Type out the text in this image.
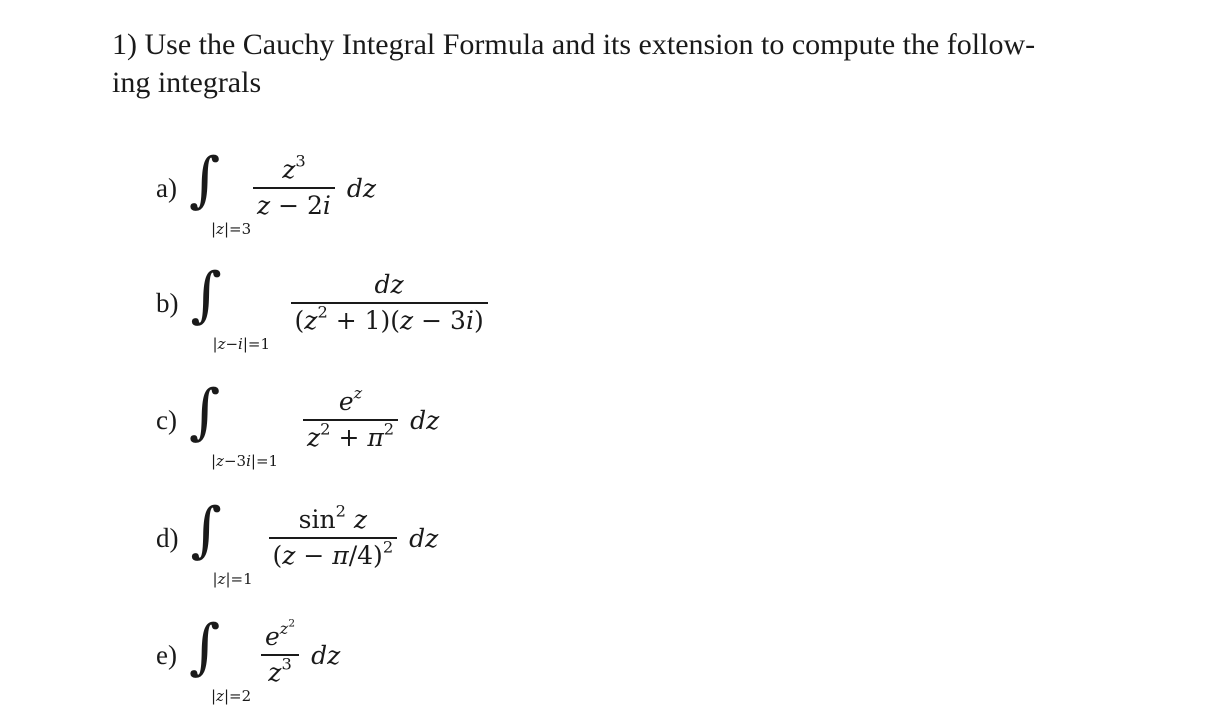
1) Use the Cauchy Integral Formula and its extension to compute the follow-
ing integrals
a) ∫
|z|=3
$\frac{z^3}{z - 2i}$ dz
b) ∫
|z−i|=1
$\frac{dz}{(z^2 + 1)(z - 3i)}$
c) ∫
|z−3i|=1
$\frac{e^z}{z^2 + \pi^2}$ dz
d) ∫
|z|=1
$\frac{\sin^2 z}{(z - \pi/4)^2}$ dz
e) ∫
|z|=2
$\frac{e^{z^2}}{z^3}$ dz
